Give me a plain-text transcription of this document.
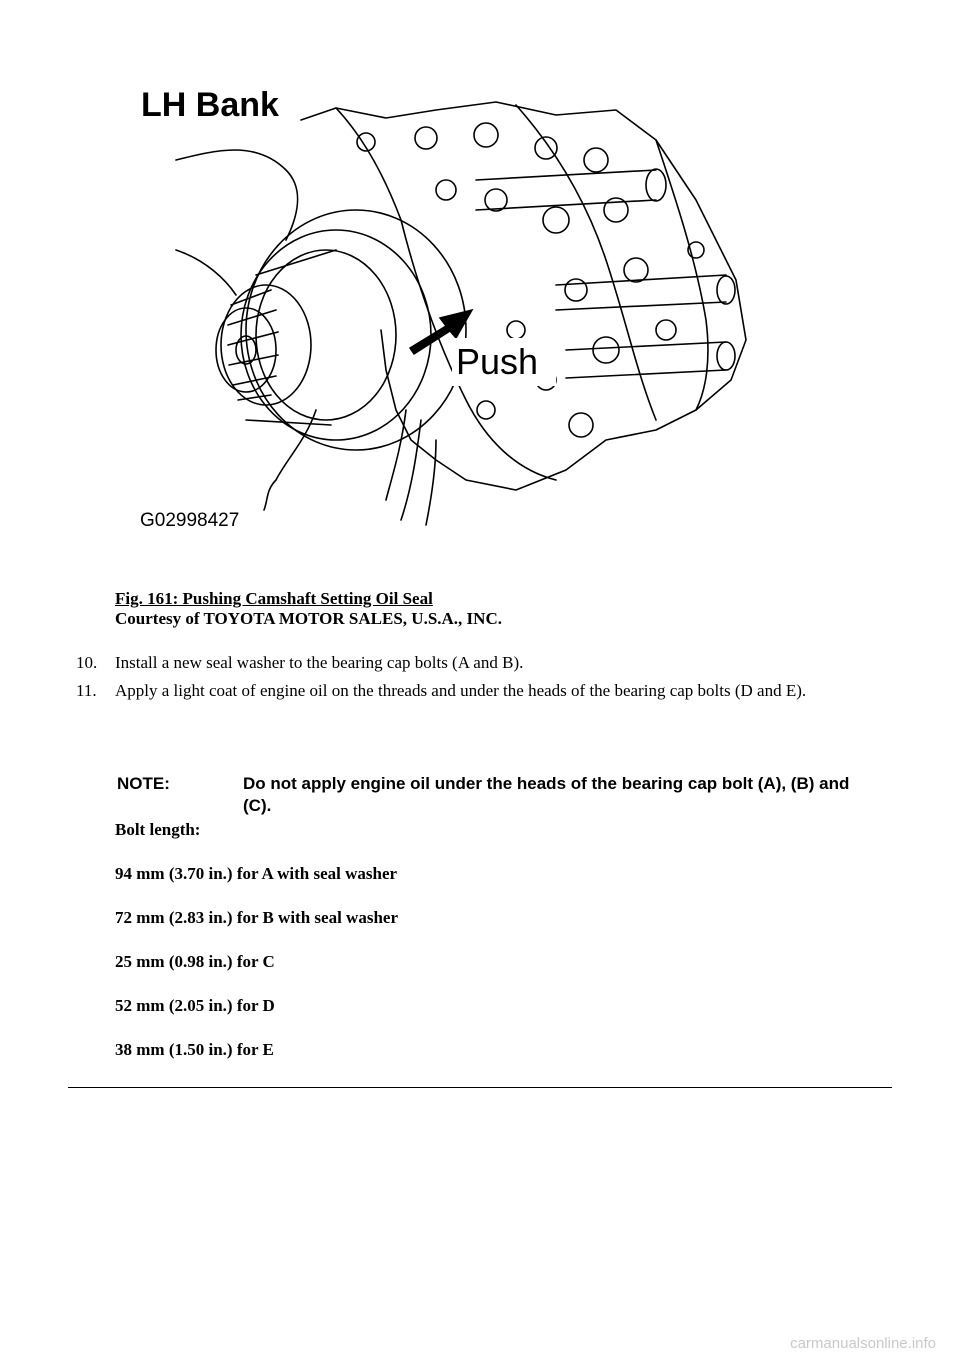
LH Bank
Push
G02998427
Fig. 161: Pushing Camshaft Setting Oil Seal
Courtesy of TOYOTA MOTOR SALES, U.S.A., INC.
10.	Install a new seal washer to the bearing cap bolts (A and B).
11.	Apply a light coat of engine oil on the threads and under the heads of the bearing cap bolts (D and E).
NOTE:	Do not apply engine oil under the heads of the bearing cap bolt (A), (B) and (C).
Bolt length:
94 mm (3.70 in.) for A with seal washer
72 mm (2.83 in.) for B with seal washer
25 mm (0.98 in.) for C
52 mm (2.05 in.) for D
38 mm (1.50 in.) for E
carmanualsonline.info
